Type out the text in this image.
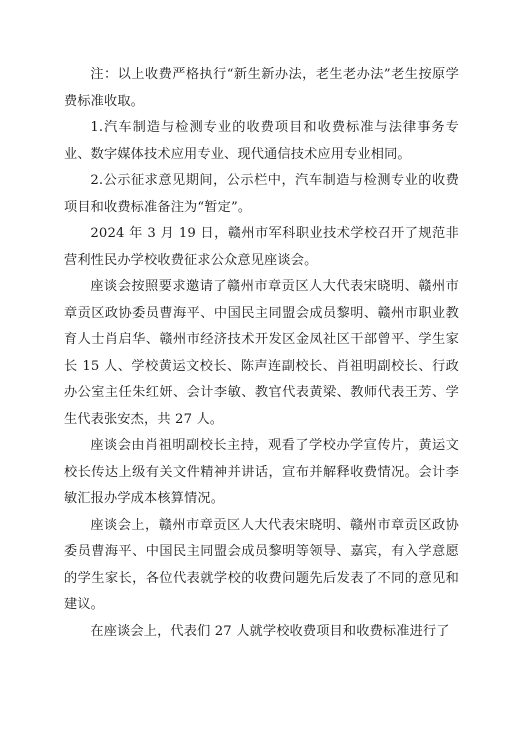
注：以上收费严格执行“新生新办法，老生老办法”老生按原学费标准收取。

1.汽车制造与检测专业的收费项目和收费标准与法律事务专业、数字媒体技术应用专业、现代通信技术应用专业相同。

2.公示征求意见期间，公示栏中，汽车制造与检测专业的收费项目和收费标准备注为“暂定”。

2024 年 3 月 19 日，赣州市军科职业技术学校召开了规范非营利性民办学校收费征求公众意见座谈会。

座谈会按照要求邀请了赣州市章贡区人大代表宋晓明、赣州市章贡区政协委员曹海平、中国民主同盟会成员黎明、赣州市职业教育人士肖启华、赣州市经济技术开发区金凤社区干部曾平、学生家长 15 人、学校黄运文校长、陈声连副校长、肖祖明副校长、行政办公室主任朱红妍、会计李敏、教官代表黄梁、教师代表王芳、学生代表张安杰，共 27 人。

座谈会由肖祖明副校长主持，观看了学校办学宣传片，黄运文校长传达上级有关文件精神并讲话，宣布并解释收费情况。会计李敏汇报办学成本核算情况。

座谈会上，赣州市章贡区人大代表宋晓明、赣州市章贡区政协委员曹海平、中国民主同盟会成员黎明等领导、嘉宾，有入学意愿的学生家长，各位代表就学校的收费问题先后发表了不同的意见和建议。

在座谈会上，代表们 27 人就学校收费项目和收费标准进行了
